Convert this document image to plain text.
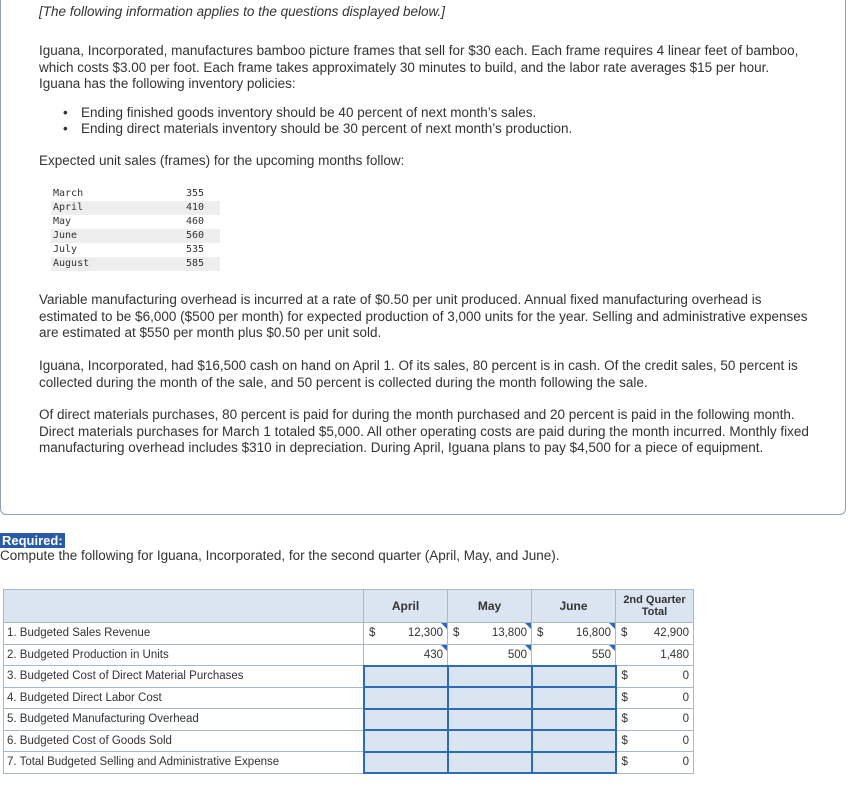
[The following information applies to the questions displayed below.]
Iguana, Incorporated, manufactures bamboo picture frames that sell for $30 each. Each frame requires 4 linear feet of bamboo, which costs $3.00 per foot. Each frame takes approximately 30 minutes to build, and the labor rate averages $15 per hour. Iguana has the following inventory policies:
• Ending finished goods inventory should be 40 percent of next month’s sales.
• Ending direct materials inventory should be 30 percent of next month’s production.
Expected unit sales (frames) for the upcoming months follow:
March	355
April	410
May	460
June	560
July	535
August	585
Variable manufacturing overhead is incurred at a rate of $0.50 per unit produced. Annual fixed manufacturing overhead is estimated to be $6,000 ($500 per month) for expected production of 3,000 units for the year. Selling and administrative expenses are estimated at $550 per month plus $0.50 per unit sold.
Iguana, Incorporated, had $16,500 cash on hand on April 1. Of its sales, 80 percent is in cash. Of the credit sales, 50 percent is collected during the month of the sale, and 50 percent is collected during the month following the sale.
Of direct materials purchases, 80 percent is paid for during the month purchased and 20 percent is paid in the following month. Direct materials purchases for March 1 totaled $5,000. All other operating costs are paid during the month incurred. Monthly fixed manufacturing overhead includes $310 in depreciation. During April, Iguana plans to pay $4,500 for a piece of equipment.
Required:
Compute the following for Iguana, Incorporated, for the second quarter (April, May, and June).
	April	May	June	2nd Quarter
Total

1. Budgeted Sales Revenue	$ 12,300	$ 13,800	$ 16,800	$ 42,900

2. Budgeted Production in Units	430	500	550	1,480

3. Budgeted Cost of Direct Material Purchases				$ 0

4. Budgeted Direct Labor Cost				$ 0

5. Budgeted Manufacturing Overhead				$ 0

6. Budgeted Cost of Goods Sold				$ 0

7. Total Budgeted Selling and Administrative Expense				$ 0
